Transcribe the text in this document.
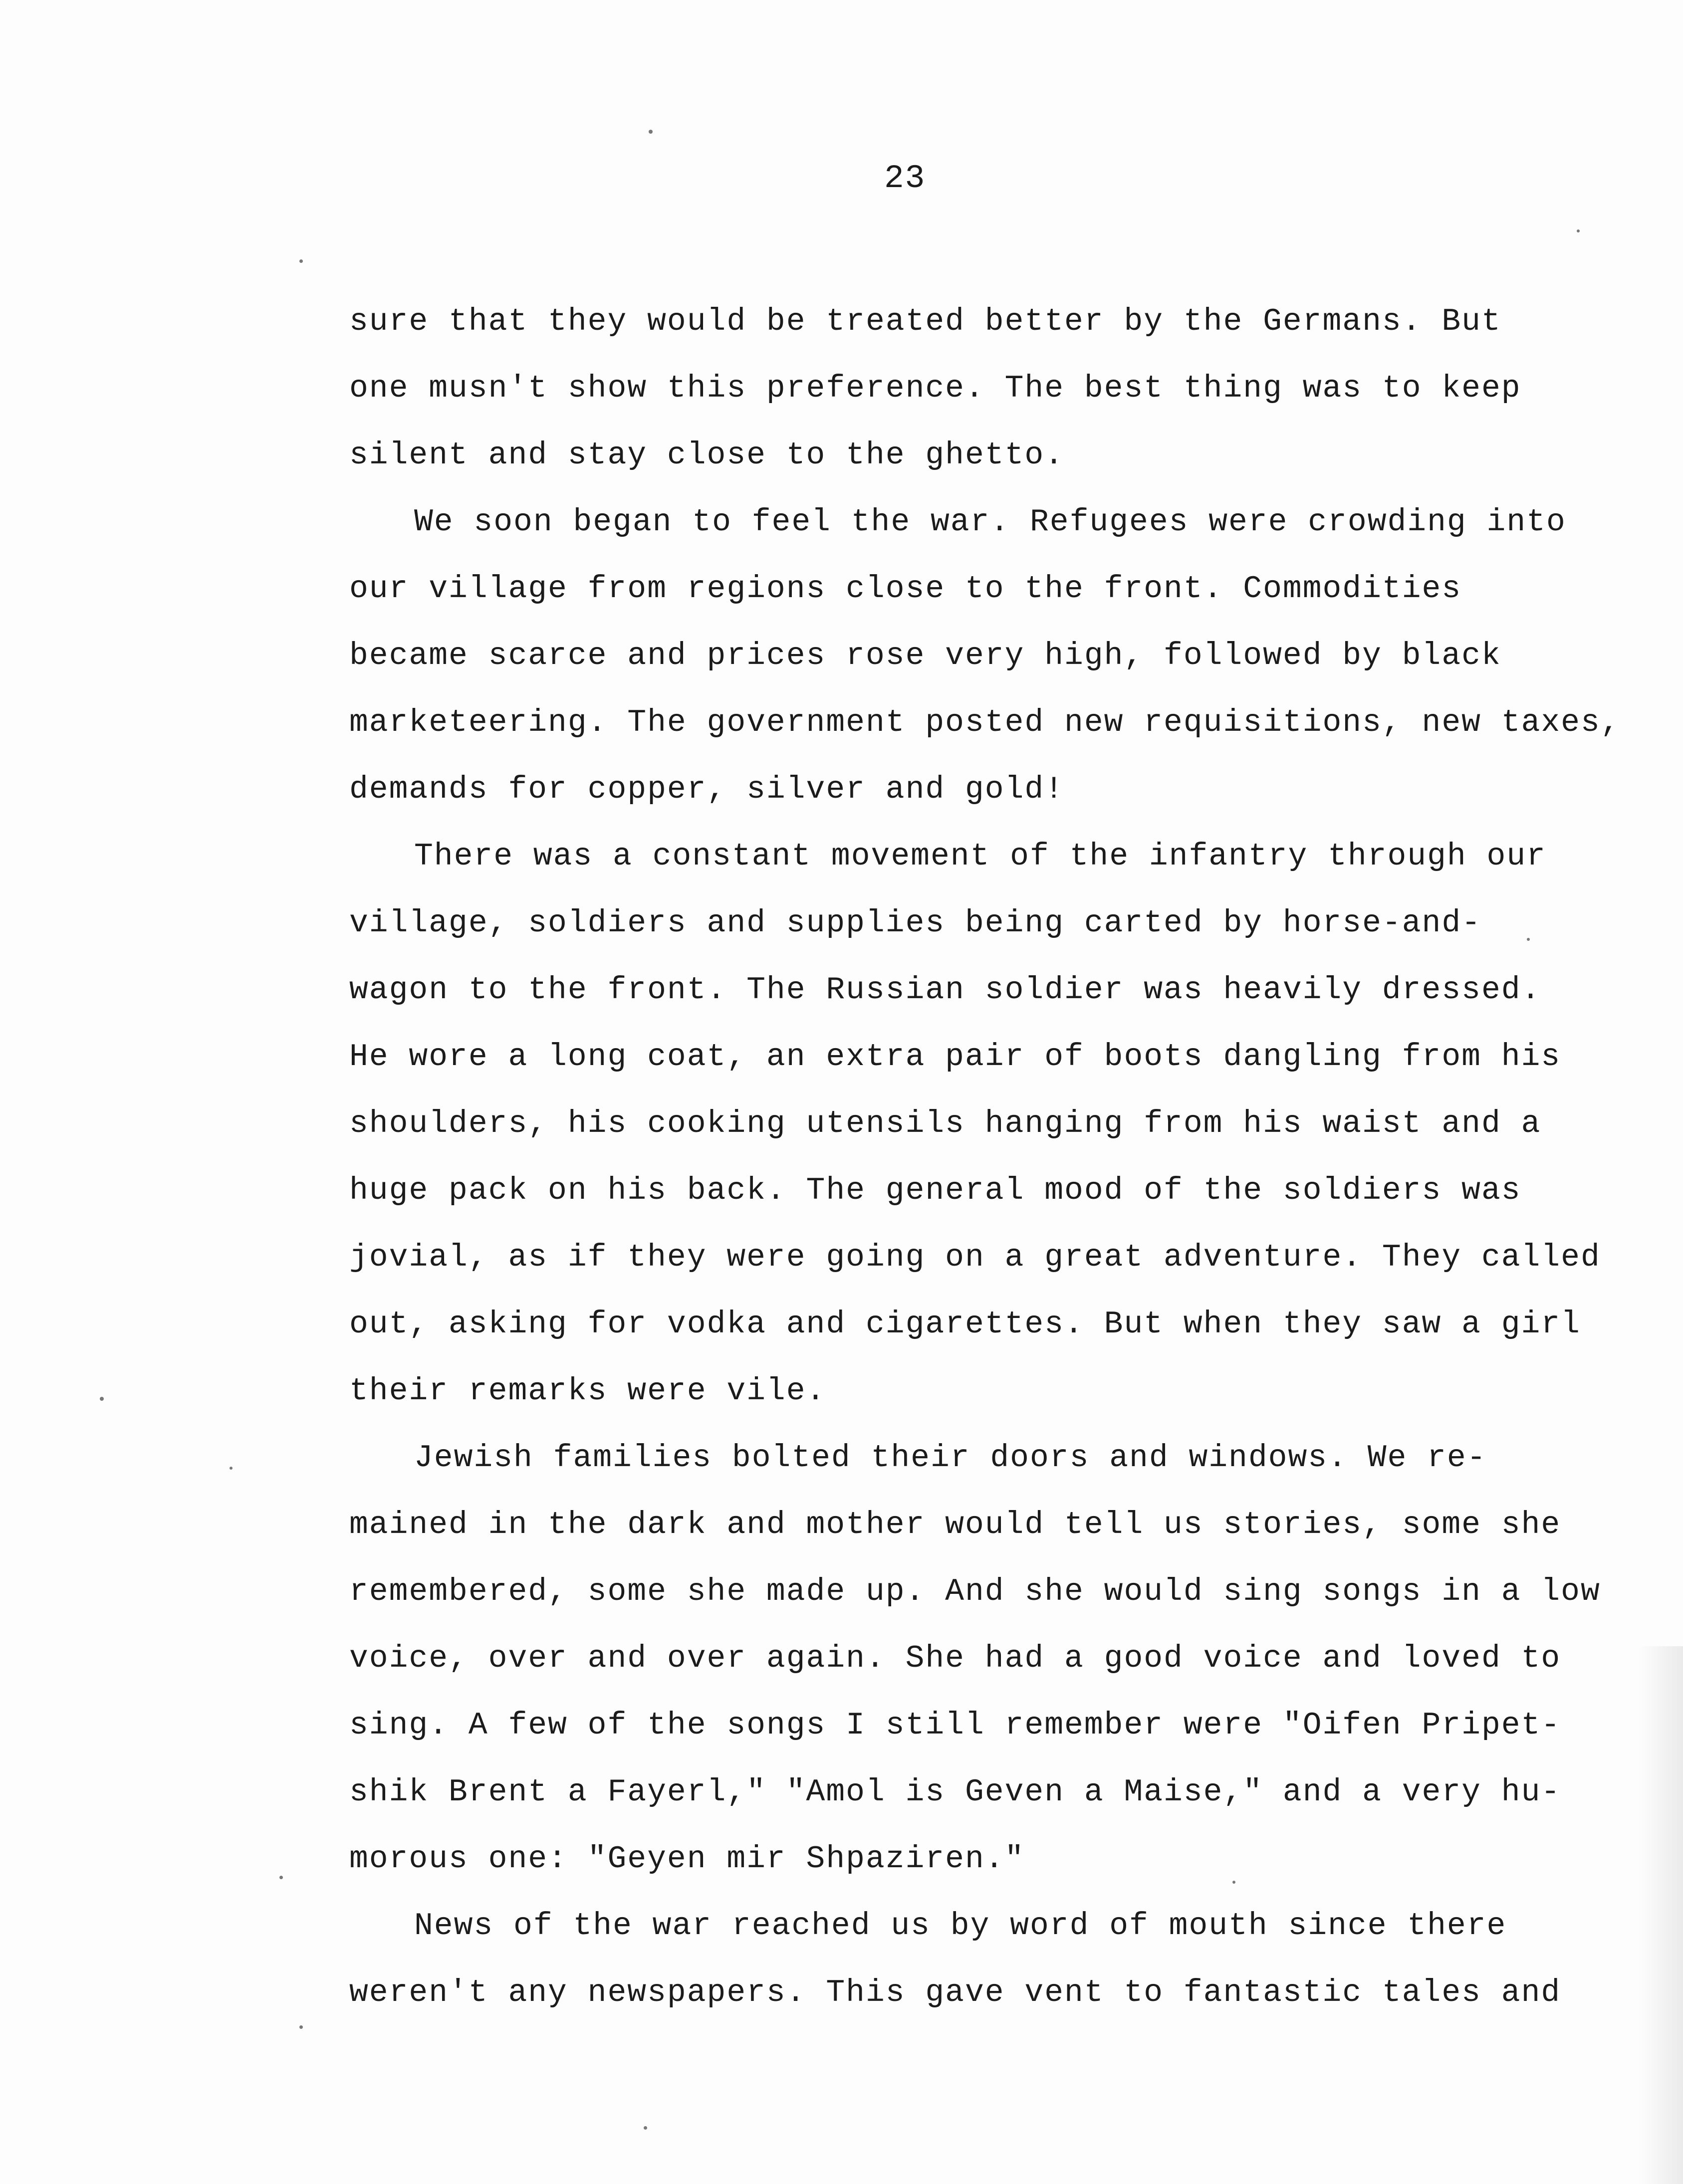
23
sure that they would be treated better by the Germans. But
one musn't show this preference. The best thing was to keep
silent and stay close to the ghetto.
We soon began to feel the war. Refugees were crowding into
our village from regions close to the front. Commodities
became scarce and prices rose very high, followed by black
marketeering. The government posted new requisitions, new taxes,
demands for copper, silver and gold!
There was a constant movement of the infantry through our
village, soldiers and supplies being carted by horse-and-
wagon to the front. The Russian soldier was heavily dressed.
He wore a long coat, an extra pair of boots dangling from his
shoulders, his cooking utensils hanging from his waist and a
huge pack on his back. The general mood of the soldiers was
jovial, as if they were going on a great adventure. They called
out, asking for vodka and cigarettes. But when they saw a girl
their remarks were vile.
Jewish families bolted their doors and windows. We re-
mained in the dark and mother would tell us stories, some she
remembered, some she made up. And she would sing songs in a low
voice, over and over again. She had a good voice and loved to
sing. A few of the songs I still remember were "Oifen Pripet-
shik Brent a Fayerl," "Amol is Geven a Maise," and a very hu-
morous one: "Geyen mir Shpaziren."
News of the war reached us by word of mouth since there
weren't any newspapers. This gave vent to fantastic tales and
